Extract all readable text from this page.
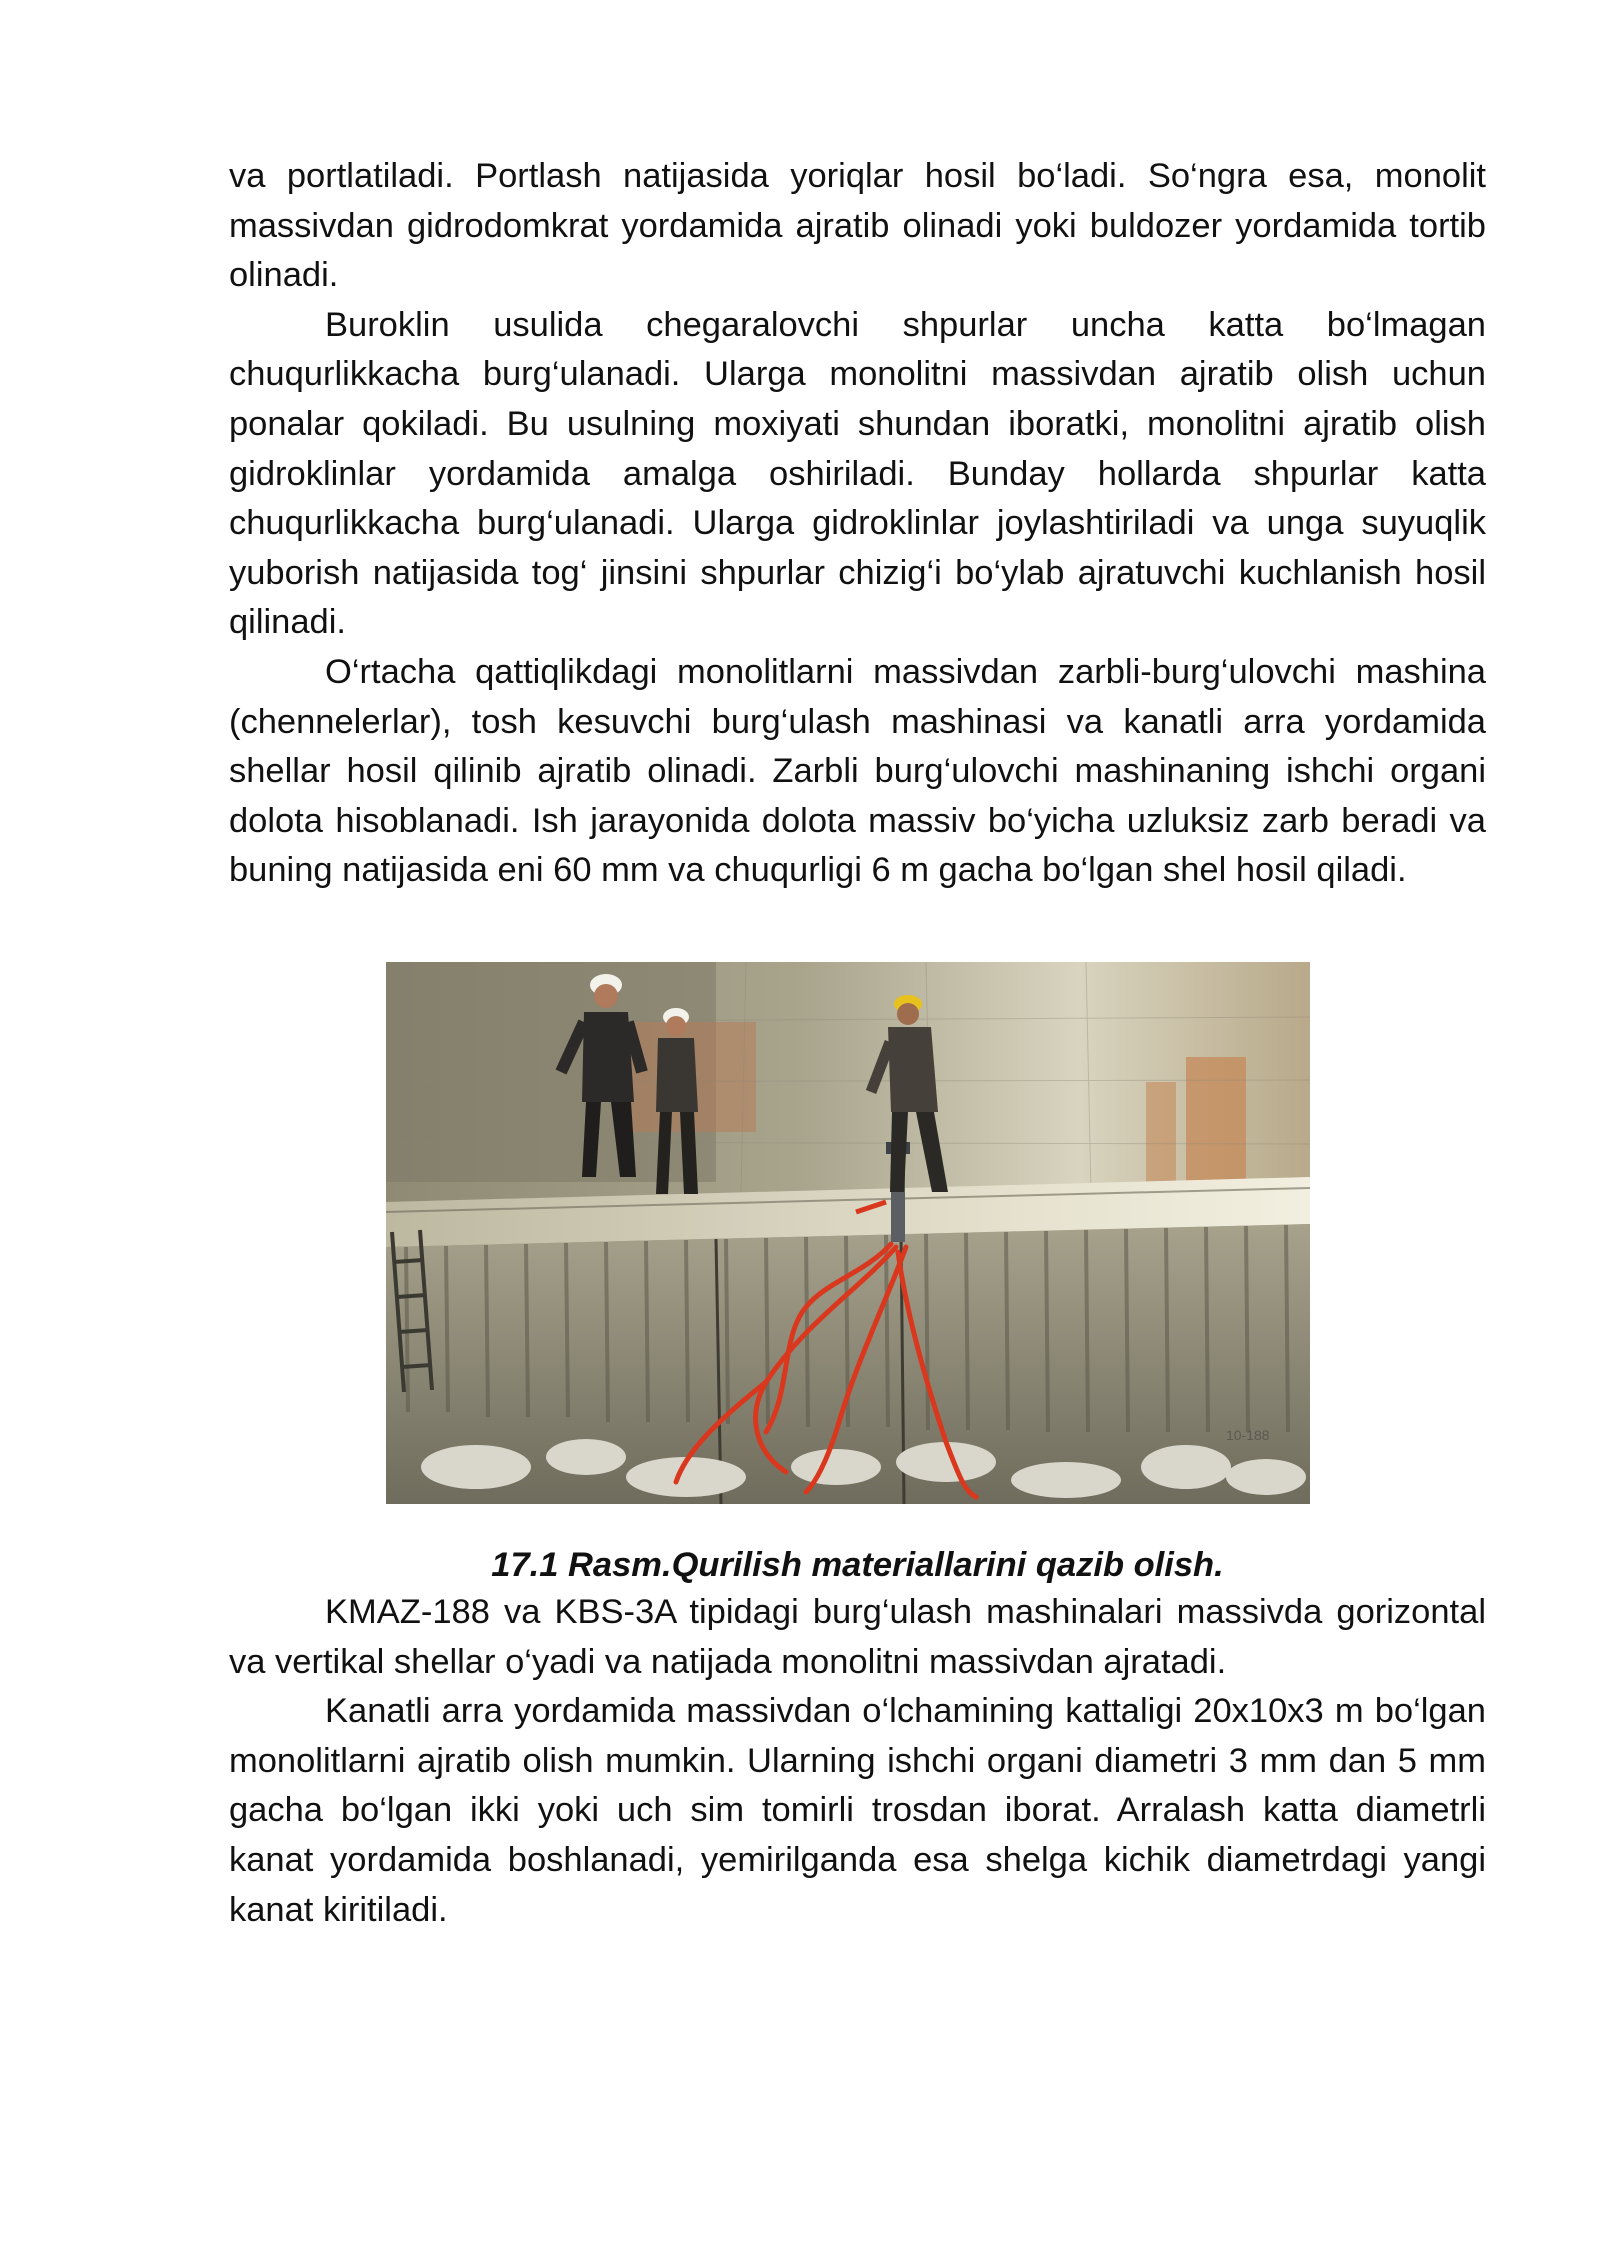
va portlatiladi. Portlash natijasida yoriqlar hosil bo‘ladi. So‘ngra esa, monolit massivdan gidrodomkrat yordamida ajratib olinadi yoki buldozer yordamida tortib olinadi.

Buroklin usulida chegaralovchi shpurlar uncha katta bo‘lmagan chuqurlikkacha burg‘ulanadi. Ularga monolitni massivdan ajratib olish uchun ponalar qokiladi. Bu usulning moxiyati shundan iboratki, monolitni ajratib olish gidroklinlar yordamida amalga oshiriladi. Bunday hollarda shpurlar katta chuqurlikkacha burg‘ulanadi. Ularga gidroklinlar joylashtiriladi va unga suyuqlik yuborish natijasida tog‘ jinsini shpurlar chizig‘i bo‘ylab ajratuvchi kuchlanish hosil qilinadi.

O‘rtacha qattiqlikdagi monolitlarni massivdan zarbli-burg‘ulovchi mashina (chennelerlar), tosh kesuvchi burg‘ulash mashinasi va kanatli arra yordamida shellar hosil qilinib ajratib olinadi. Zarbli burg‘ulovchi mashinaning ishchi organi dolota hisoblanadi. Ish jarayonida dolota massiv bo‘yicha uzluksiz zarb beradi va buning natijasida eni 60 mm va chuqurligi 6 m gacha bo‘lgan shel hosil qiladi.

10-188

17.1 Rasm.Qurilish materiallarini qazib olish.

KMAZ-188 va KBS-3A tipidagi burg‘ulash mashinalari massivda gorizontal va vertikal shellar o‘yadi va natijada monolitni massivdan ajratadi.

Kanatli arra yordamida massivdan o‘lchamining kattaligi 20x10x3 m bo‘lgan monolitlarni ajratib olish mumkin. Ularning ishchi organi diametri 3 mm dan 5 mm gacha bo‘lgan ikki yoki uch sim tomirli trosdan iborat. Arralash katta diametrli kanat yordamida boshlanadi, yemirilganda esa shelga kichik diametrdagi yangi kanat kiritiladi.
